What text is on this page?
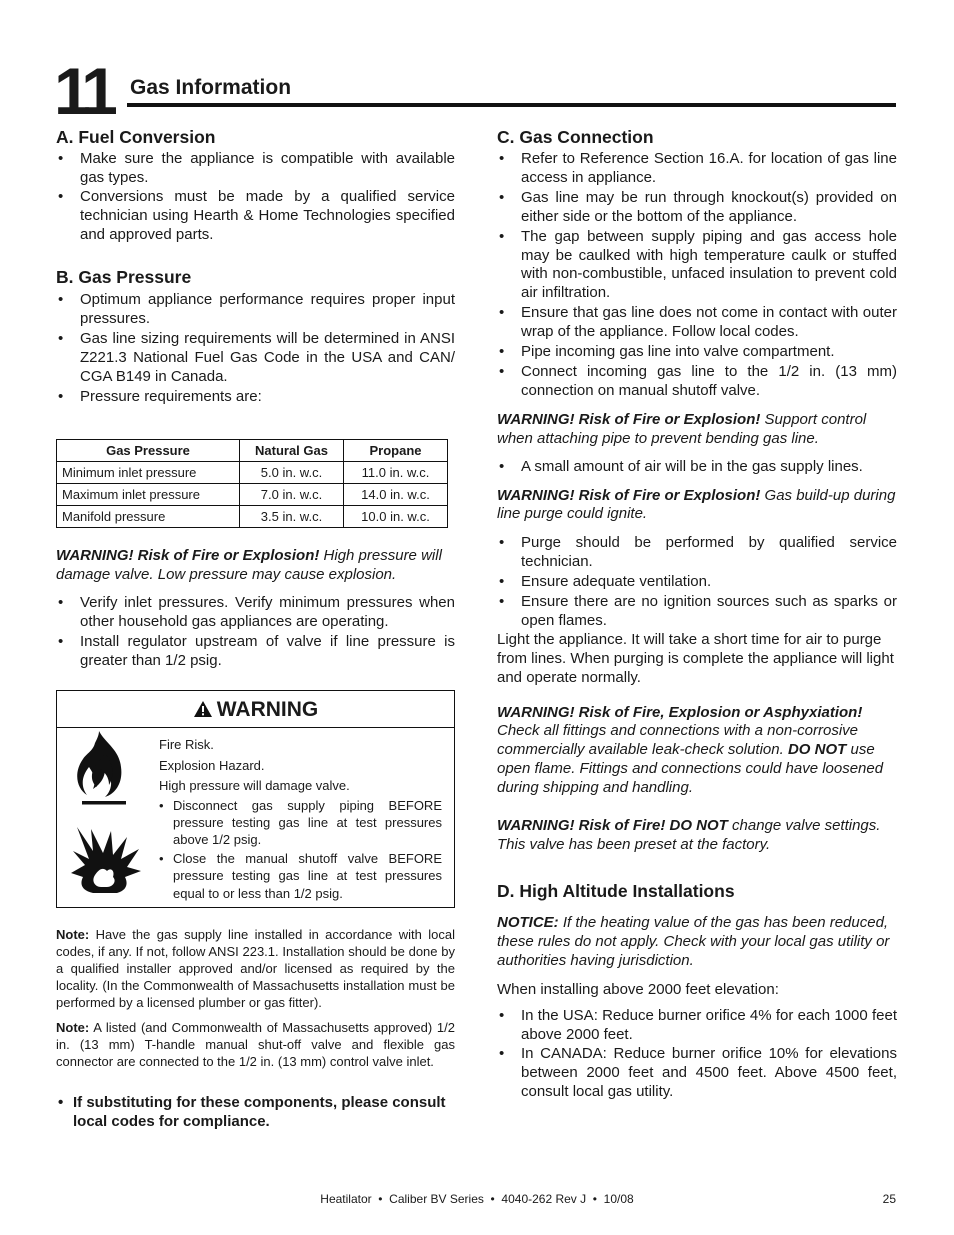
11 Gas Information
A. Fuel Conversion
• Make sure the appliance is compatible with available gas types.
• Conversions must be made by a qualified service technician using Hearth & Home Technologies specified and approved parts.
B. Gas Pressure
• Optimum appliance performance requires proper input pressures.
• Gas line sizing requirements will be determined in ANSI Z221.3 National Fuel Gas Code in the USA and CAN/ CGA B149 in Canada.
• Pressure requirements are:
Gas Pressure	Natural Gas	Propane
Minimum inlet pressure	5.0 in. w.c.	11.0 in. w.c.
Maximum inlet pressure	7.0 in. w.c.	14.0 in. w.c.
Manifold pressure	3.5 in. w.c.	10.0 in. w.c.

WARNING! Risk of Fire or Explosion! High pressure will damage valve. Low pressure may cause explosion.

• Verify inlet pressures. Verify minimum pressures when other household gas appliances are operating.
• Install regulator upstream of valve if line pressure is greater than 1/2 psig.
WARNING
Fire Risk.
Explosion Hazard.
High pressure will damage valve.
• Disconnect gas supply piping BEFORE pressure testing gas line at test pressures above 1/2 psig.
• Close the manual shutoff valve BEFORE pressure testing gas line at test pressures equal to or less than 1/2 psig.

Note: Have the gas supply line installed in accordance with local codes, if any. If not, follow ANSI 223.1. Installation should be done by a qualified installer approved and/or licensed as required by the locality. (In the Commonwealth of Massachusetts installation must be performed by a licensed plumber or gas fitter).

Note: A listed (and Commonwealth of Massachusetts approved) 1/2 in. (13 mm) T-handle manual shut-off valve and flexible gas connector are connected to the 1/2 in. (13 mm) control valve inlet.

• If substituting for these components, please consult local codes for compliance.
C. Gas Connection
• Refer to Reference Section 16.A. for location of gas line access in appliance.
• Gas line may be run through knockout(s) provided on either side or the bottom of the appliance.
• The gap between supply piping and gas access hole may be caulked with high temperature caulk or stuffed with non-combustible, unfaced insulation to prevent cold air infiltration.
• Ensure that gas line does not come in contact with outer wrap of the appliance. Follow local codes.
• Pipe incoming gas line into valve compartment.
• Connect incoming gas line to the 1/2 in. (13 mm) connection on manual shutoff valve.

WARNING! Risk of Fire or Explosion! Support control when attaching pipe to prevent bending gas line.

• A small amount of air will be in the gas supply lines.

WARNING! Risk of Fire or Explosion! Gas build-up during line purge could ignite.

• Purge should be performed by qualified service technician.
• Ensure adequate ventilation.
• Ensure there are no ignition sources such as sparks or open flames.

Light the appliance. It will take a short time for air to purge from lines. When purging is complete the appliance will light and operate normally.

WARNING! Risk of Fire, Explosion or Asphyxiation! Check all fittings and connections with a non-corrosive commercially available leak-check solution. DO NOT use open flame. Fittings and connections could have loosened during shipping and handling.

WARNING! Risk of Fire! DO NOT change valve settings. This valve has been preset at the factory.

D. High Altitude Installations

NOTICE: If the heating value of the gas has been reduced, these rules do not apply. Check with your local gas utility or authorities having jurisdiction.

When installing above 2000 feet elevation:

• In the USA: Reduce burner orifice 4% for each 1000 feet above 2000 feet.
• In CANADA: Reduce burner orifice 10% for elevations between 2000 feet and 4500 feet. Above 4500 feet, consult local gas utility.
Heatilator  •  Caliber BV Series  •  4040-262 Rev J  •  10/08	25
